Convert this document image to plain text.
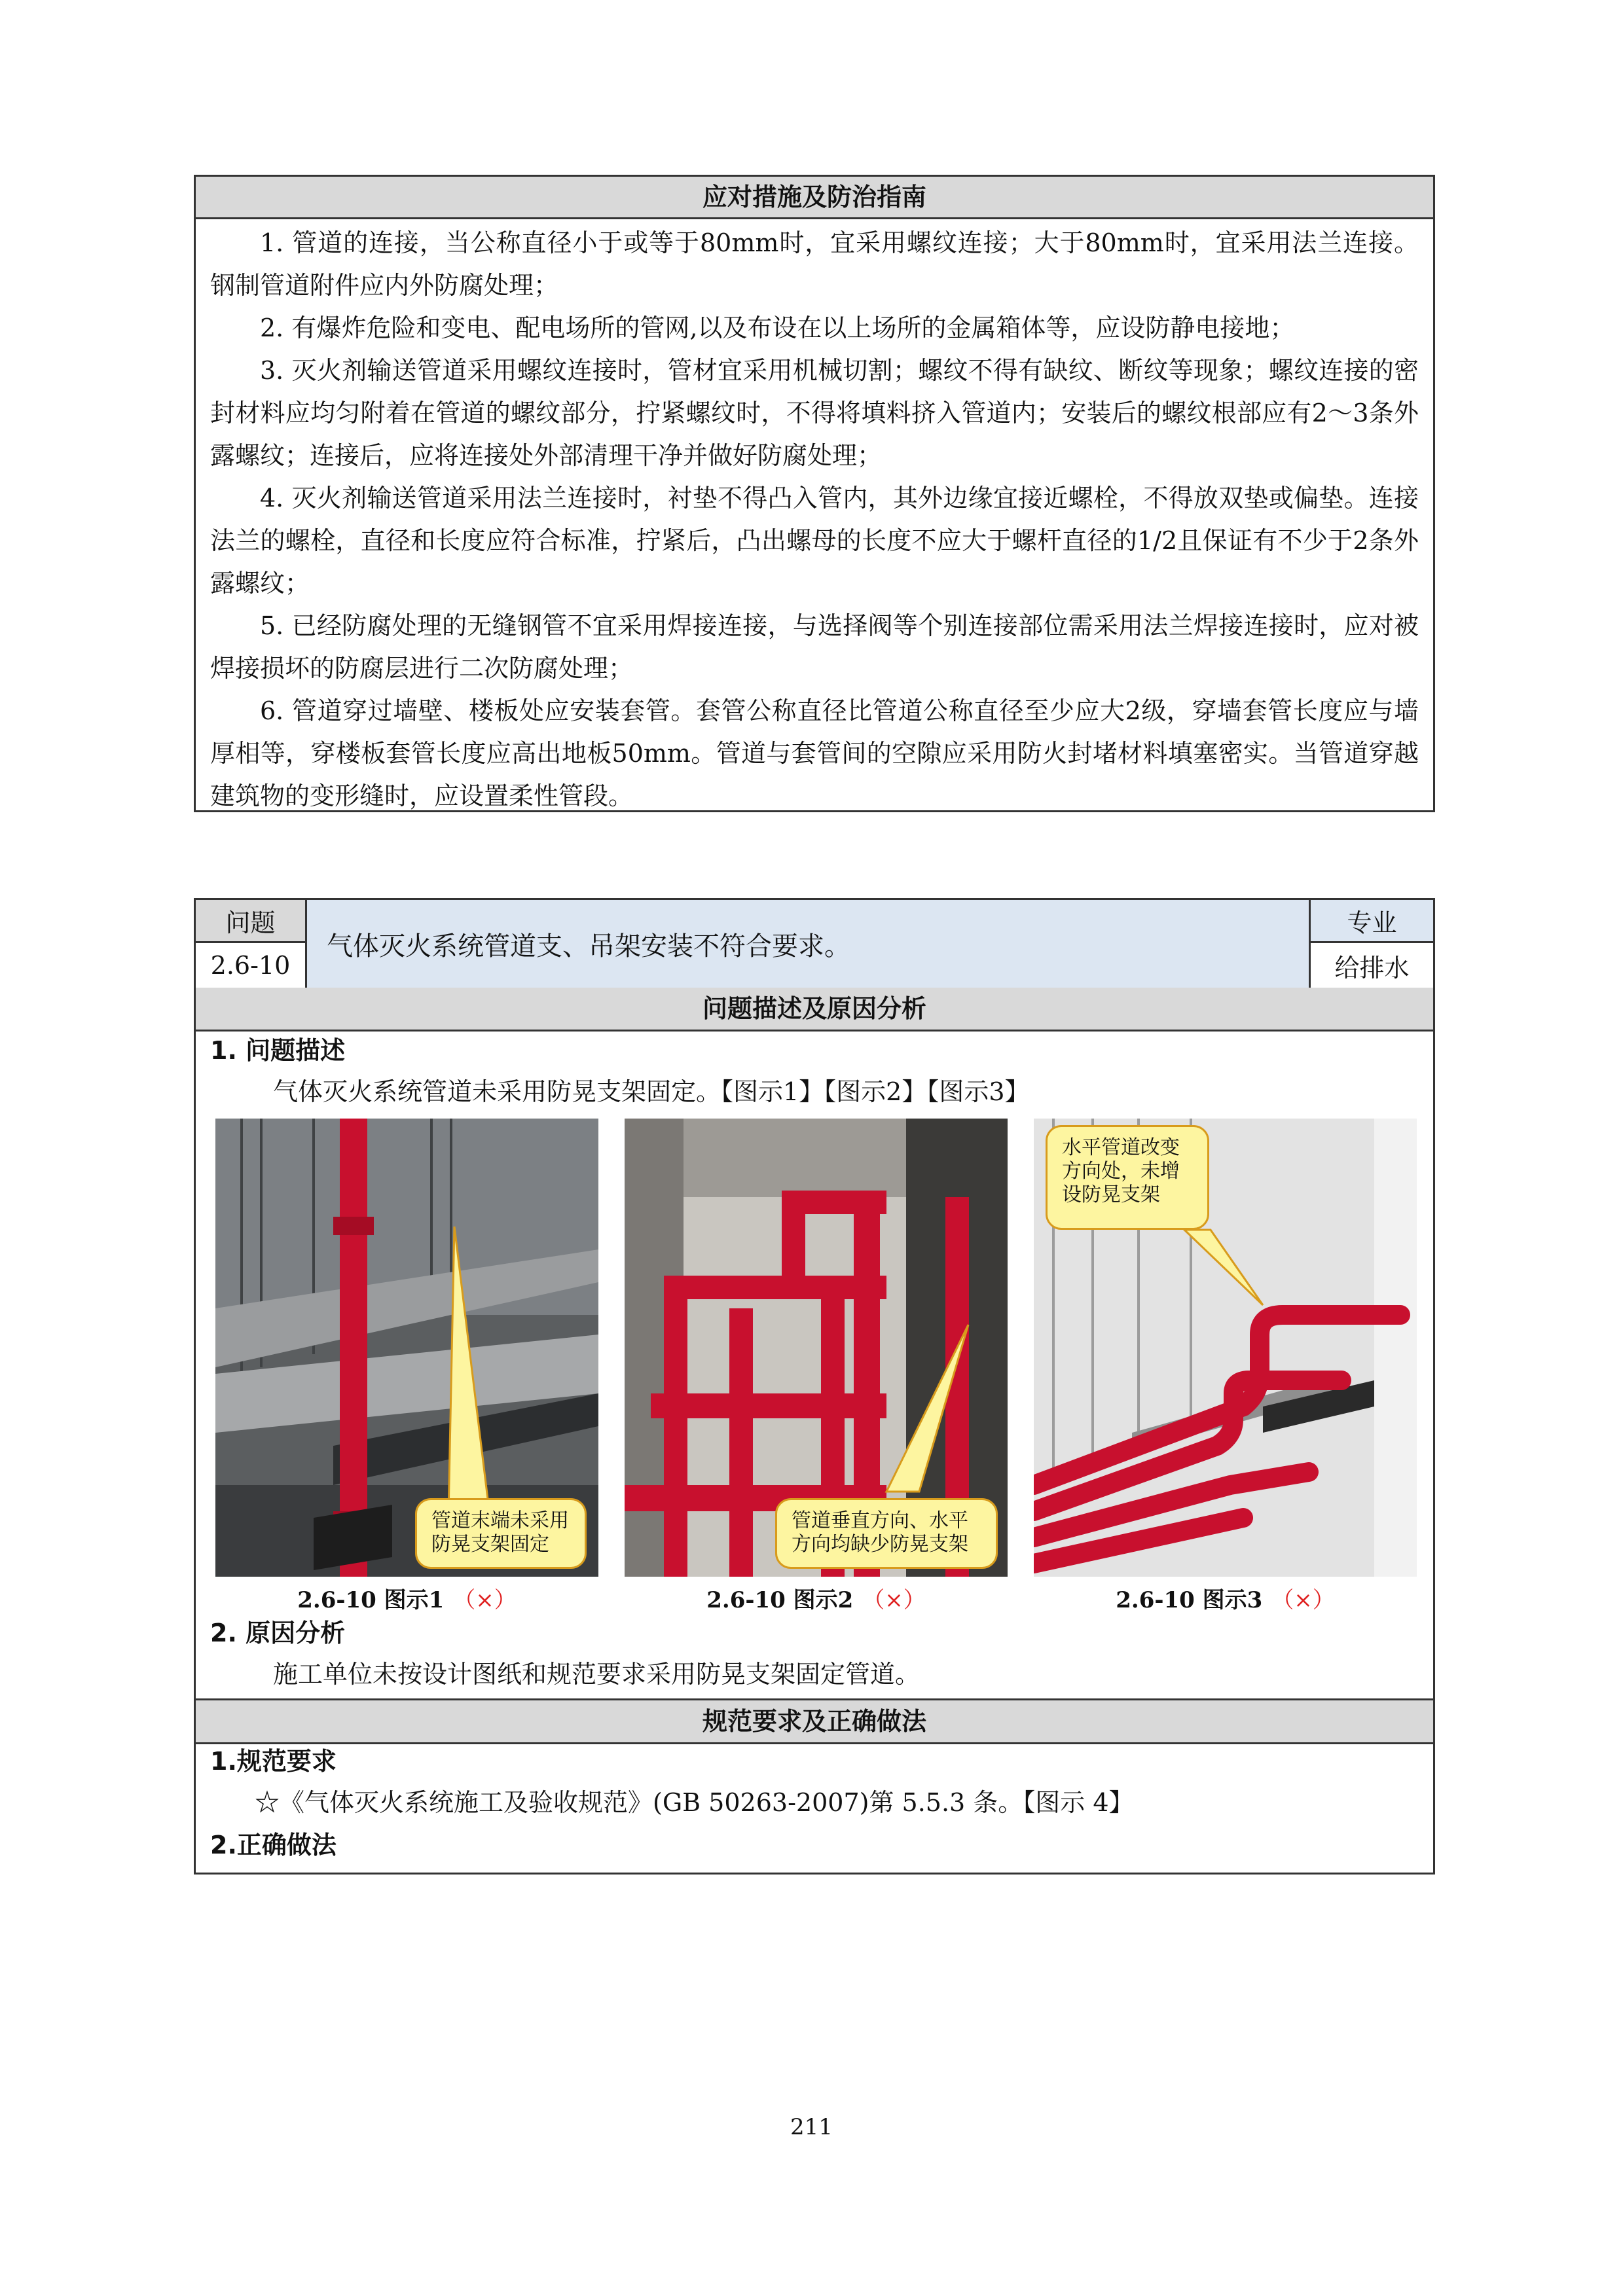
应对措施及防治指南
1. 管道的连接，当公称直径小于或等于80mm时，宜采用螺纹连接；大于80mm时，宜采用法兰连接。钢制管道附件应内外防腐处理；
2. 有爆炸危险和变电、配电场所的管网,以及布设在以上场所的金属箱体等，应设防静电接地；
3. 灭火剂输送管道采用螺纹连接时，管材宜采用机械切割；螺纹不得有缺纹、断纹等现象；螺纹连接的密封材料应均匀附着在管道的螺纹部分，拧紧螺纹时，不得将填料挤入管道内；安装后的螺纹根部应有2～3条外露螺纹；连接后，应将连接处外部清理干净并做好防腐处理；
4. 灭火剂输送管道采用法兰连接时，衬垫不得凸入管内，其外边缘宜接近螺栓，不得放双垫或偏垫。连接法兰的螺栓，直径和长度应符合标准，拧紧后，凸出螺母的长度不应大于螺杆直径的1/2且保证有不少于2条外露螺纹；
5. 已经防腐处理的无缝钢管不宜采用焊接连接，与选择阀等个别连接部位需采用法兰焊接连接时，应对被焊接损坏的防腐层进行二次防腐处理；
6. 管道穿过墙壁、楼板处应安装套管。套管公称直径比管道公称直径至少应大2级，穿墙套管长度应与墙厚相等，穿楼板套管长度应高出地板50mm。管道与套管间的空隙应采用防火封堵材料填塞密实。当管道穿越建筑物的变形缝时，应设置柔性管段。
问题
2.6-10
气体灭火系统管道支、吊架安装不符合要求。
专业
给排水
问题描述及原因分析
1. 问题描述
气体灭火系统管道未采用防晃支架固定。【图示1】【图示2】【图示3】
管道末端未采用防晃支架固定
管道垂直方向、水平方向均缺少防晃支架
水平管道改变方向处，未增设防晃支架
2.6-10 图示1 （×）	2.6-10 图示2 （×）	2.6-10 图示3 （×）
2. 原因分析
施工单位未按设计图纸和规范要求采用防晃支架固定管道。
规范要求及正确做法
1.规范要求
☆《气体灭火系统施工及验收规范》(GB 50263-2007)第 5.5.3 条。【图示 4】
2.正确做法
211
